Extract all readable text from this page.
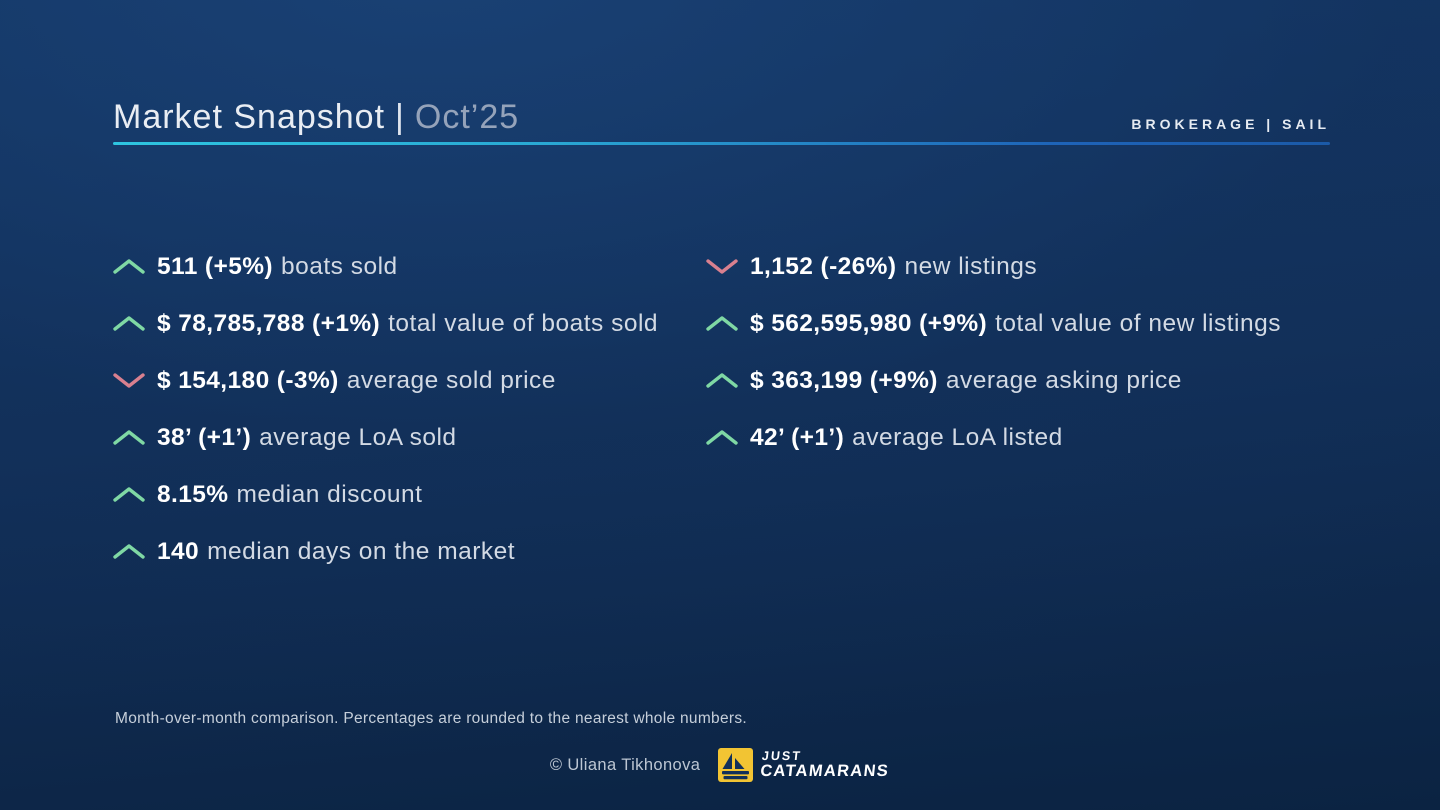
Market Snapshot | Oct’25	BROKERAGE | SAIL
511 (+5%) boats sold
$ 78,785,788 (+1%) total value of boats sold
$ 154,180 (-3%) average sold price
38’ (+1’) average LoA sold
8.15% median discount
140 median days on the market
1,152 (-26%) new listings
$ 562,595,980 (+9%) total value of new listings
$ 363,199 (+9%) average asking price
42’ (+1’) average LoA listed
Month-over-month comparison. Percentages are rounded to the nearest whole numbers.
© Uliana Tikhonova	JUST
CATAMARANS
